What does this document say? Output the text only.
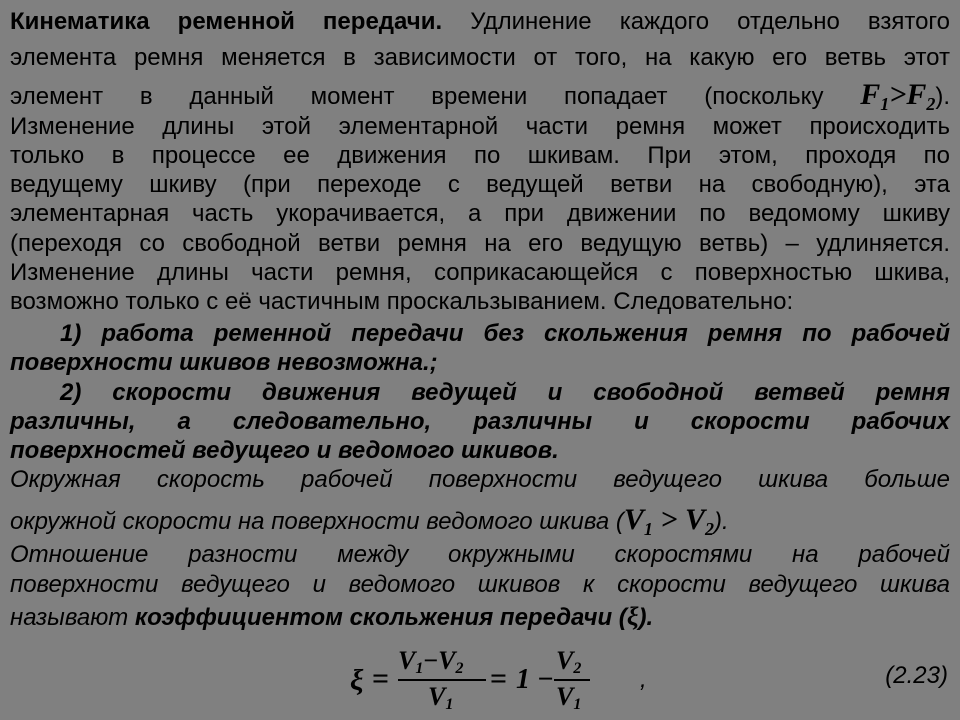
Кинематика ременной передачи. Удлинение каждого отдельно взятого
элемента ремня меняется в зависимости от того, на какую его ветвь этот
элемент в данный момент времени попадает (поскольку $F_1>F_2$).
Изменение длины этой элементарной части ремня может происходить
только в процессе ее движения по шкивам. При этом, проходя по
ведущему шкиву (при переходе с ведущей ветви на свободную), эта
элементарная часть укорачивается, а при движении по ведомому шкиву
(переходя со свободной ветви ремня на его ведущую ветвь) – удлиняется.
Изменение длины части ремня, соприкасающейся с поверхностью шкива,
возможно только с её частичным проскальзыванием. Следовательно:
1) работа ременной передачи без скольжения ремня по рабочей
поверхности шкивов невозможна.;
2) скорости движения ведущей и свободной ветвей ремня
различны, а следовательно, различны и скорости рабочих
поверхностей ведущего и ведомого шкивов.
Окружная скорость рабочей поверхности ведущего шкива больше
окружной скорости на поверхности ведомого шкива $(V_1 > V_2)$.
Отношение разности между окружными скоростями на рабочей
поверхности ведущего и ведомого шкивов к скорости ведущего шкива
называют коэффициентом скольжения передачи (ξ).
ξ =
V1−V2
V1
= 1 −
V2
V1
,	(2.23)
